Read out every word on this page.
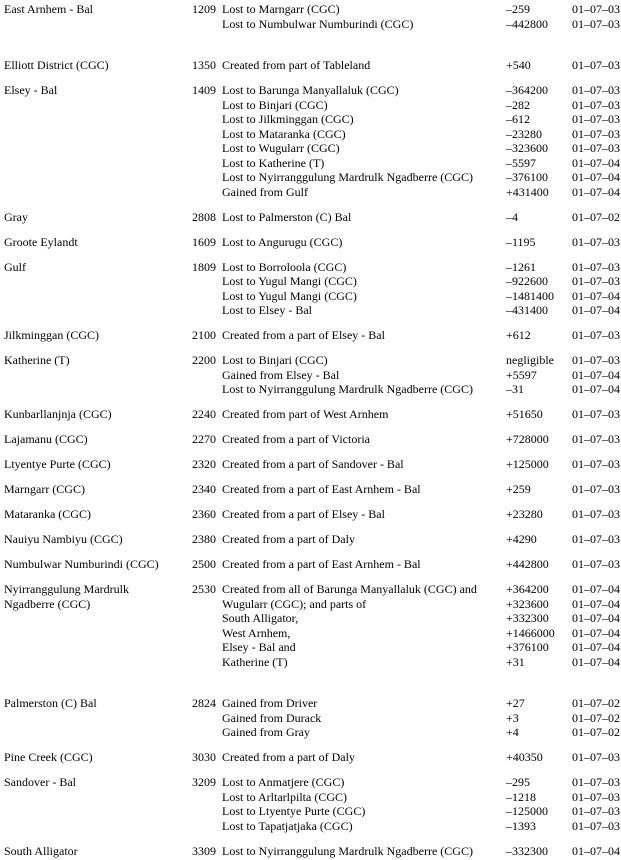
East Arnhem - Bal	1209 Lost to Marngarr (CGC)	–259	01–07–03
Lost to Numbulwar Numburindi (CGC)	–442800	01–07–03
Elliott District (CGC)	1350 Created from part of Tableland	+540	01–07–03
Elsey - Bal	1409 Lost to Barunga Manyallaluk (CGC)	–364200	01–07–03
Lost to Binjari (CGC)	–282	01–07–03
Lost to Jilkminggan (CGC)	–612	01–07–03
Lost to Mataranka (CGC)	–23280	01–07–03
Lost to Wugularr (CGC)	–323600	01–07–03
Lost to Katherine (T)	–5597	01–07–04
Lost to Nyirranggulung Mardrulk Ngadberre (CGC)	–376100	01–07–04
Gained from Gulf	+431400	01–07–04
Gray	2808 Lost to Palmerston (C) Bal	–4	01–07–02
Groote Eylandt	1609 Lost to Angurugu (CGC)	–1195	01–07–03
Gulf	1809 Lost to Borroloola (CGC)	–1261	01–07–03
Lost to Yugul Mangi (CGC)	–922600	01–07–03
Lost to Yugul Mangi (CGC)	–1481400	01–07–04
Lost to Elsey - Bal	–431400	01–07–04
Jilkminggan (CGC)	2100 Created from a part of Elsey - Bal	+612	01–07–03
Katherine (T)	2200 Lost to Binjari (CGC)	negligible	01–07–03
Gained from Elsey - Bal	+5597	01–07–04
Lost to Nyirranggulung Mardrulk Ngadberre (CGC)	–31	01–07–04
Kunbarllanjnja (CGC)	2240 Created from part of West Arnhem	+51650	01–07–03
Lajamanu (CGC)	2270 Created from a part of Victoria	+728000	01–07–03
Ltyentye Purte (CGC)	2320 Created from a part of Sandover - Bal	+125000	01–07–03
Marngarr (CGC)	2340 Created from a part of East Arnhem - Bal	+259	01–07–03
Mataranka (CGC)	2360 Created from a part of Elsey - Bal	+23280	01–07–03
Nauiyu Nambiyu (CGC)	2380 Created from a part of Daly	+4290	01–07–03
Numbulwar Numburindi (CGC)	2500 Created from a part of East Arnhem - Bal	+442800	01–07–03
Nyirranggulung Mardrulk Ngadberre (CGC)
2530 Created from all of Barunga Manyallaluk (CGC) and	+364200	01–07–04
Wugularr (CGC); and parts of	+323600	01–07–04
South Alligator,	+332300	01–07–04
West Arnhem,	+1466000	01–07–04
Elsey - Bal and	+376100	01–07–04
Katherine (T)	+31	01–07–04
Palmerston (C) Bal	2824 Gained from Driver	+27	01–07–02
Gained from Durack	+3	01–07–02
Gained from Gray	+4	01–07–02
Pine Creek (CGC)	3030 Created from a part of Daly	+40350	01–07–03
Sandover - Bal	3209 Lost to Anmatjere (CGC)	–295	01–07–03
Lost to Arltarlpilta (CGC)	–1218	01–07–03
Lost to Ltyentye Purte (CGC)	–125000	01–07–03
Lost to Tapatjatjaka (CGC)	–1393	01–07–03
South Alligator	3309 Lost to Nyirranggulung Mardrulk Ngadberre (CGC)	–332300	01–07–04
